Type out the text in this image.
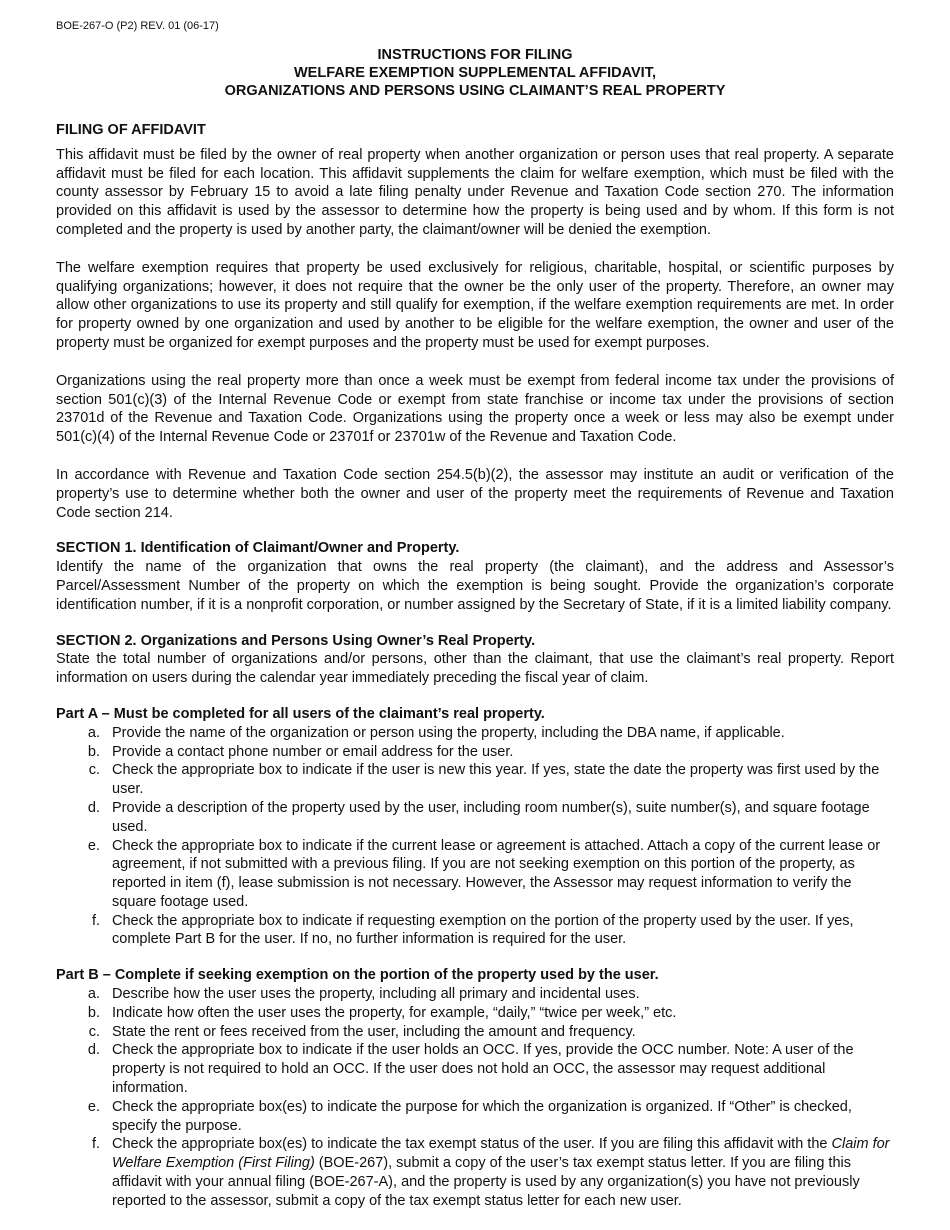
BOE-267-O (P2) REV. 01 (06-17)
INSTRUCTIONS FOR FILING
WELFARE EXEMPTION SUPPLEMENTAL AFFIDAVIT,
ORGANIZATIONS AND PERSONS USING CLAIMANT’S REAL PROPERTY
FILING OF AFFIDAVIT

This affidavit must be filed by the owner of real property when another organization or person uses that real property. A separate affidavit must be filed for each location. This affidavit supplements the claim for welfare exemption, which must be filed with the county assessor by February 15 to avoid a late filing penalty under Revenue and Taxation Code section 270. The information provided on this affidavit is used by the assessor to determine how the property is being used and by whom. If this form is not completed and the property is used by another party, the claimant/owner will be denied the exemption.

The welfare exemption requires that property be used exclusively for religious, charitable, hospital, or scientific purposes by qualifying organizations; however, it does not require that the owner be the only user of the property. Therefore, an owner may allow other organizations to use its property and still qualify for exemption, if the welfare exemption requirements are met. In order for property owned by one organization and used by another to be eligible for the welfare exemption, the owner and user of the property must be organized for exempt purposes and the property must be used for exempt purposes.

Organizations using the real property more than once a week must be exempt from federal income tax under the provisions of section 501(c)(3) of the Internal Revenue Code or exempt from state franchise or income tax under the provisions of section 23701d of the Revenue and Taxation Code. Organizations using the property once a week or less may also be exempt under 501(c)(4) of the Internal Revenue Code or 23701f or 23701w of the Revenue and Taxation Code.

In accordance with Revenue and Taxation Code section 254.5(b)(2), the assessor may institute an audit or verification of the property’s use to determine whether both the owner and user of the property meet the requirements of Revenue and Taxation Code section 214.

SECTION 1. Identification of Claimant/Owner and Property.

Identify the name of the organization that owns the real property (the claimant), and the address and Assessor’s Parcel/Assessment Number of the property on which the exemption is being sought. Provide the organization’s corporate identification number, if it is a nonprofit corporation, or number assigned by the Secretary of State, if it is a limited liability company.

SECTION 2. Organizations and Persons Using Owner’s Real Property.

State the total number of organizations and/or persons, other than the claimant, that use the claimant’s real property. Report information on users during the calendar year immediately preceding the fiscal year of claim.

Part A – Must be completed for all users of the claimant’s real property.
a. Provide the name of the organization or person using the property, including the DBA name, if applicable.
b. Provide a contact phone number or email address for the user.
c. Check the appropriate box to indicate if the user is new this year. If yes, state the date the property was first used by the user.
d. Provide a description of the property used by the user, including room number(s), suite number(s), and square footage used.
e. Check the appropriate box to indicate if the current lease or agreement is attached. Attach a copy of the current lease or agreement, if not submitted with a previous filing. If you are not seeking exemption on this portion of the property, as reported in item (f), lease submission is not necessary. However, the Assessor may request information to verify the square footage used.
f. Check the appropriate box to indicate if requesting exemption on the portion of the property used by the user. If yes, complete Part B for the user. If no, no further information is required for the user.
Part B – Complete if seeking exemption on the portion of the property used by the user.
a. Describe how the user uses the property, including all primary and incidental uses.
b. Indicate how often the user uses the property, for example, “daily,” “twice per week,” etc.
c. State the rent or fees received from the user, including the amount and frequency.
d. Check the appropriate box to indicate if the user holds an OCC. If yes, provide the OCC number. Note: A user of the property is not required to hold an OCC. If the user does not hold an OCC, the assessor may request additional information.
e. Check the appropriate box(es) to indicate the purpose for which the organization is organized. If “Other” is checked, specify the purpose.
f. Check the appropriate box(es) to indicate the tax exempt status of the user. If you are filing this affidavit with the Claim for Welfare Exemption (First Filing) (BOE-267), submit a copy of the user’s tax exempt status letter. If you are filing this affidavit with your annual filing (BOE-267-A), and the property is used by any organization(s) you have not previously reported to the assessor, submit a copy of the tax exempt status letter for each new user.
